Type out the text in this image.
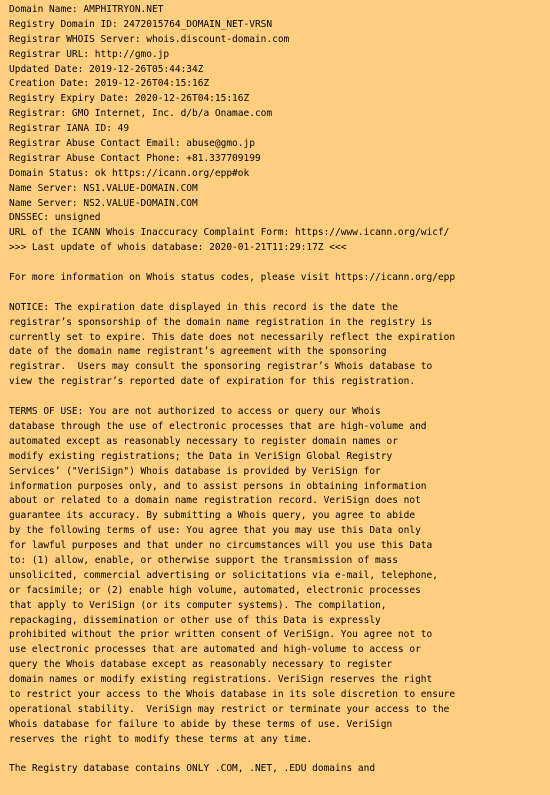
Domain Name: AMPHITRYON.NET
Registry Domain ID: 2472015764_DOMAIN_NET-VRSN
Registrar WHOIS Server: whois.discount-domain.com
Registrar URL: http://gmo.jp
Updated Date: 2019-12-26T05:44:34Z
Creation Date: 2019-12-26T04:15:16Z
Registry Expiry Date: 2020-12-26T04:15:16Z
Registrar: GMO Internet, Inc. d/b/a Onamae.com
Registrar IANA ID: 49
Registrar Abuse Contact Email: abuse@gmo.jp
Registrar Abuse Contact Phone: +81.337709199
Domain Status: ok https://icann.org/epp#ok
Name Server: NS1.VALUE-DOMAIN.COM
Name Server: NS2.VALUE-DOMAIN.COM
DNSSEC: unsigned
URL of the ICANN Whois Inaccuracy Complaint Form: https://www.icann.org/wicf/
>>> Last update of whois database: 2020-01-21T11:29:17Z <<<

For more information on Whois status codes, please visit https://icann.org/epp

NOTICE: The expiration date displayed in this record is the date the
registrar’s sponsorship of the domain name registration in the registry is
currently set to expire. This date does not necessarily reflect the expiration
date of the domain name registrant’s agreement with the sponsoring
registrar.  Users may consult the sponsoring registrar’s Whois database to
view the registrar’s reported date of expiration for this registration.

TERMS OF USE: You are not authorized to access or query our Whois
database through the use of electronic processes that are high-volume and
automated except as reasonably necessary to register domain names or
modify existing registrations; the Data in VeriSign Global Registry
Services’ ("VeriSign") Whois database is provided by VeriSign for
information purposes only, and to assist persons in obtaining information
about or related to a domain name registration record. VeriSign does not
guarantee its accuracy. By submitting a Whois query, you agree to abide
by the following terms of use: You agree that you may use this Data only
for lawful purposes and that under no circumstances will you use this Data
to: (1) allow, enable, or otherwise support the transmission of mass
unsolicited, commercial advertising or solicitations via e-mail, telephone,
or facsimile; or (2) enable high volume, automated, electronic processes
that apply to VeriSign (or its computer systems). The compilation,
repackaging, dissemination or other use of this Data is expressly
prohibited without the prior written consent of VeriSign. You agree not to
use electronic processes that are automated and high-volume to access or
query the Whois database except as reasonably necessary to register
domain names or modify existing registrations. VeriSign reserves the right
to restrict your access to the Whois database in its sole discretion to ensure
operational stability.  VeriSign may restrict or terminate your access to the
Whois database for failure to abide by these terms of use. VeriSign
reserves the right to modify these terms at any time.

The Registry database contains ONLY .COM, .NET, .EDU domains and
